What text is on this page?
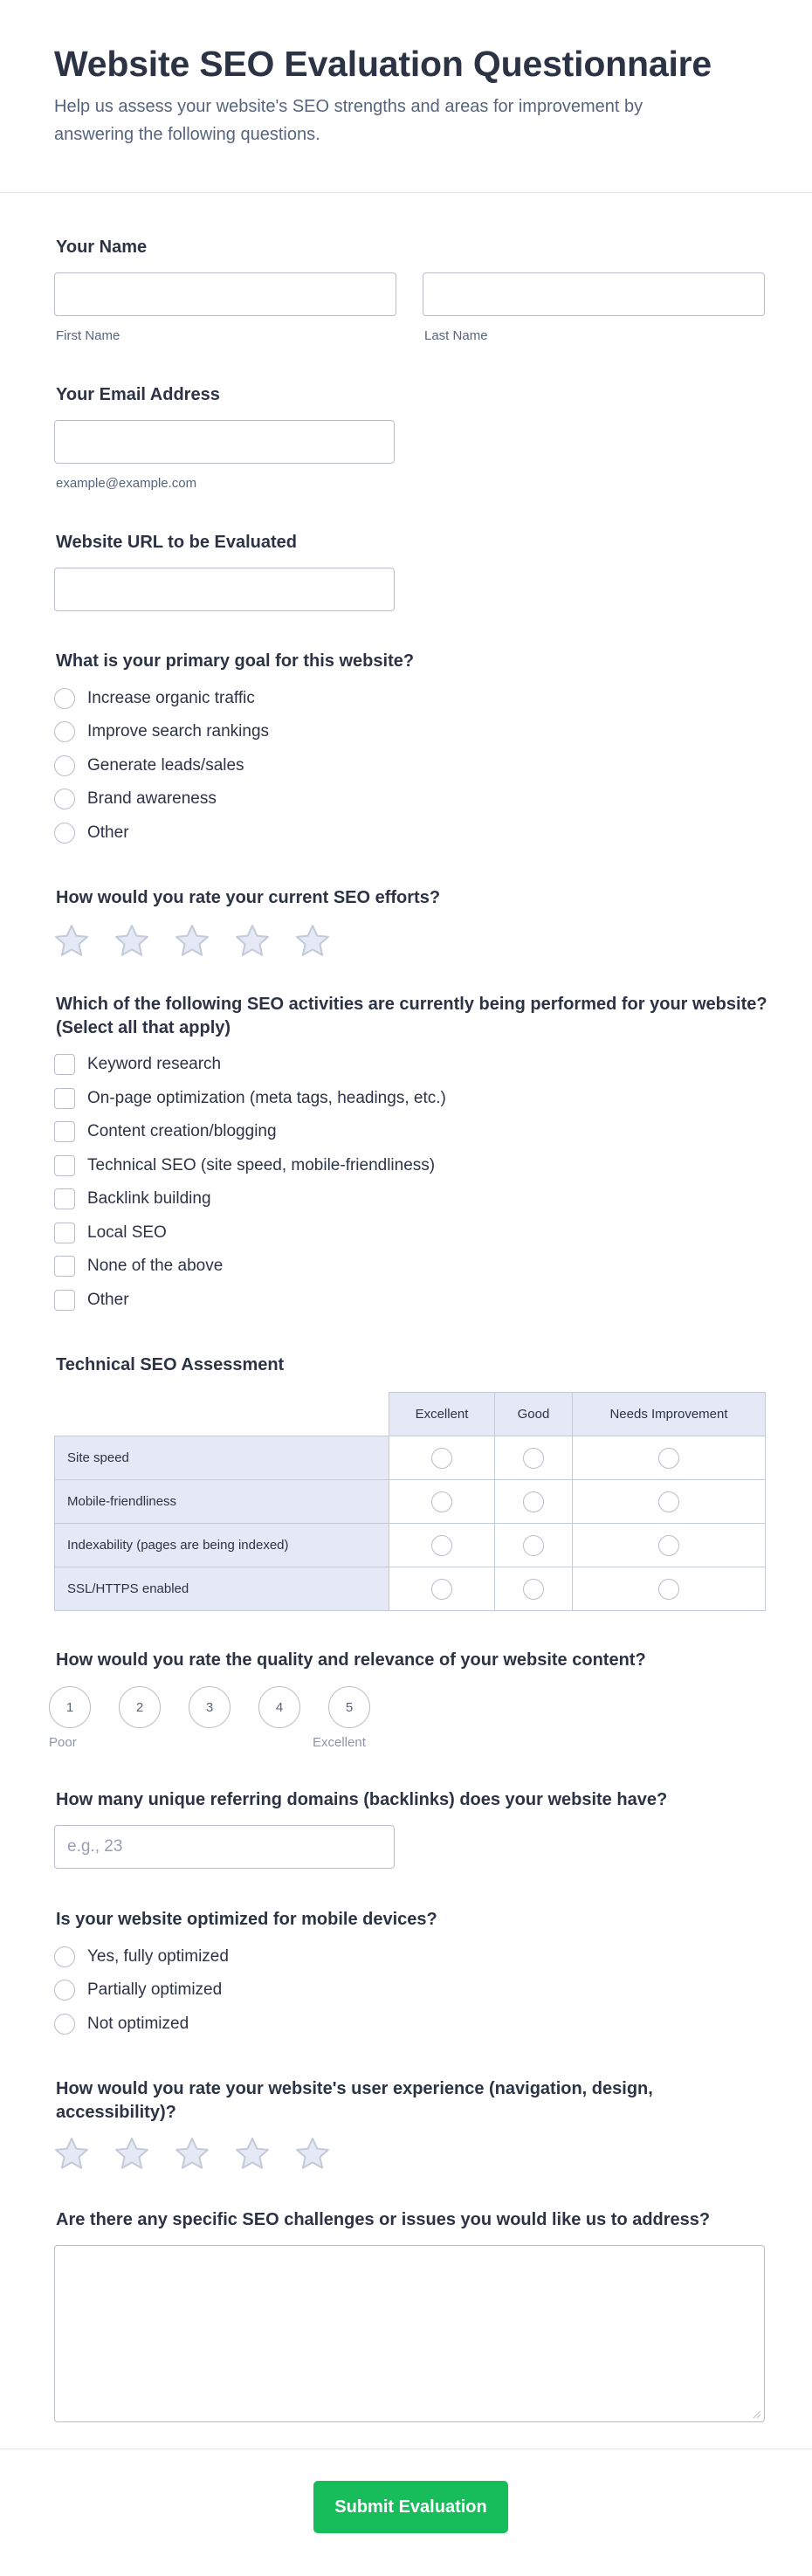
Website SEO Evaluation Questionnaire

Help us assess your website's SEO strengths and areas for improvement by answering the following questions.

Your Name
First Name	Last Name
Your Email Address
example@example.com
Website URL to be Evaluated
What is your primary goal for this website?
Increase organic traffic
Improve search rankings
Generate leads/sales
Brand awareness
Other
How would you rate your current SEO efforts?
Which of the following SEO activities are currently being performed for your website? (Select all that apply)
Keyword research
On-page optimization (meta tags, headings, etc.)
Content creation/blogging
Technical SEO (site speed, mobile-friendliness)
Backlink building
Local SEO
None of the above
Other
Technical SEO Assessment
	Excellent	Good	Needs Improvement
Site speed			
Mobile-friendliness			
Indexability (pages are being indexed)			
SSL/HTTPS enabled			
How would you rate the quality and relevance of your website content?
1	2	3	4	5
Poor	Excellent
How many unique referring domains (backlinks) does your website have?
e.g., 23
Is your website optimized for mobile devices?
Yes, fully optimized
Partially optimized
Not optimized
How would you rate your website's user experience (navigation, design, accessibility)?
Are there any specific SEO challenges or issues you would like us to address?
Submit Evaluation
